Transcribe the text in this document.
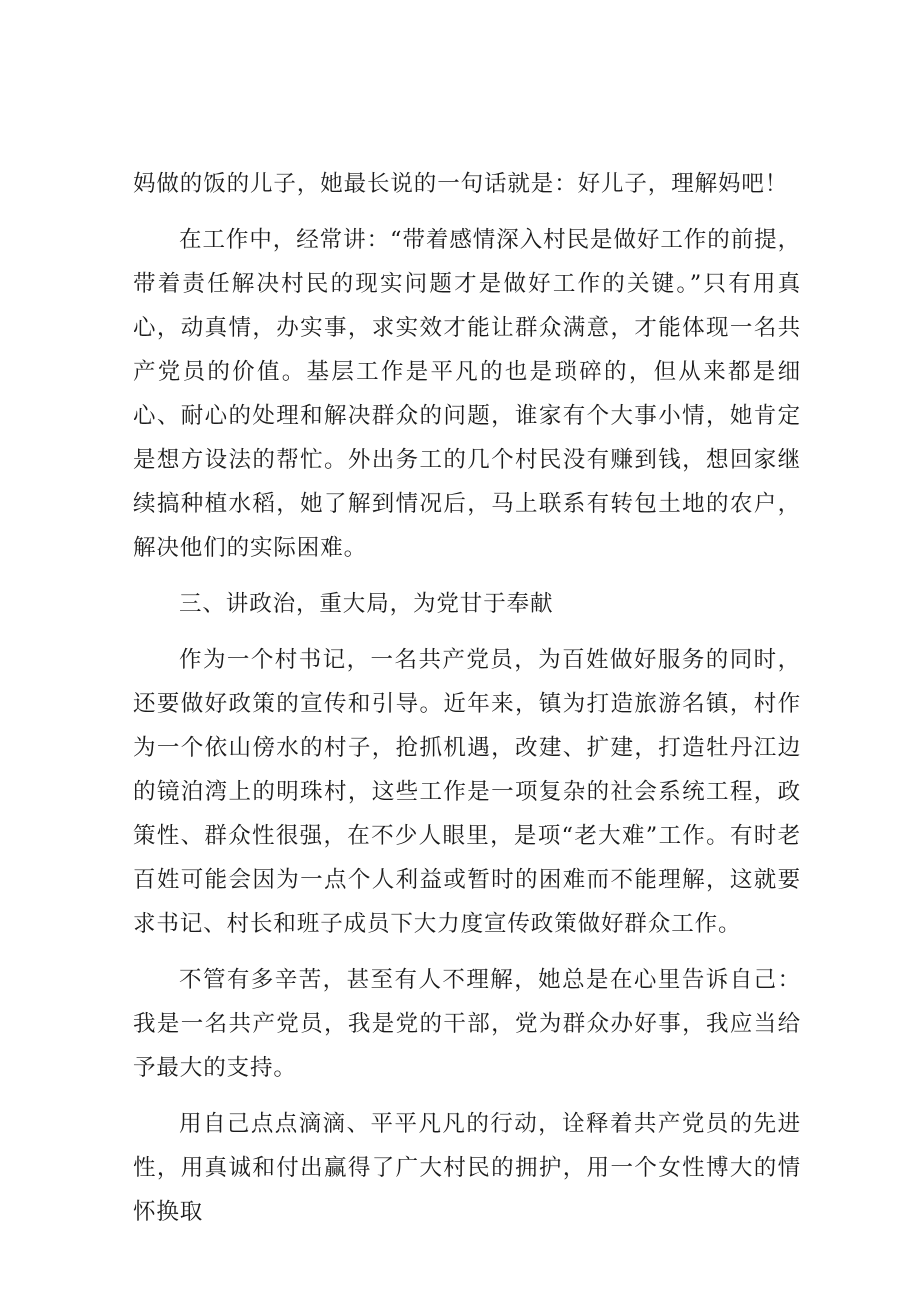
妈做的饭的儿子，她最长说的一句话就是：好儿子，理解妈吧！

在工作中，经常讲：“带着感情深入村民是做好工作的前提，带着责任解决村民的现实问题才是做好工作的关键。”只有用真心，动真情，办实事，求实效才能让群众满意，才能体现一名共产党员的价值。基层工作是平凡的也是琐碎的，但从来都是细心、耐心的处理和解决群众的问题，谁家有个大事小情，她肯定是想方设法的帮忙。外出务工的几个村民没有赚到钱，想回家继续搞种植水稻，她了解到情况后，马上联系有转包土地的农户，解决他们的实际困难。

三、讲政治，重大局，为党甘于奉献

作为一个村书记，一名共产党员，为百姓做好服务的同时，还要做好政策的宣传和引导。近年来，镇为打造旅游名镇，村作为一个依山傍水的村子，抢抓机遇，改建、扩建，打造牡丹江边的镜泊湾上的明珠村，这些工作是一项复杂的社会系统工程，政策性、群众性很强，在不少人眼里，是项“老大难”工作。有时老百姓可能会因为一点个人利益或暂时的困难而不能理解，这就要求书记、村长和班子成员下大力度宣传政策做好群众工作。

不管有多辛苦，甚至有人不理解，她总是在心里告诉自己：我是一名共产党员，我是党的干部，党为群众办好事，我应当给予最大的支持。

用自己点点滴滴、平平凡凡的行动，诠释着共产党员的先进性，用真诚和付出赢得了广大村民的拥护，用一个女性博大的情怀换取
